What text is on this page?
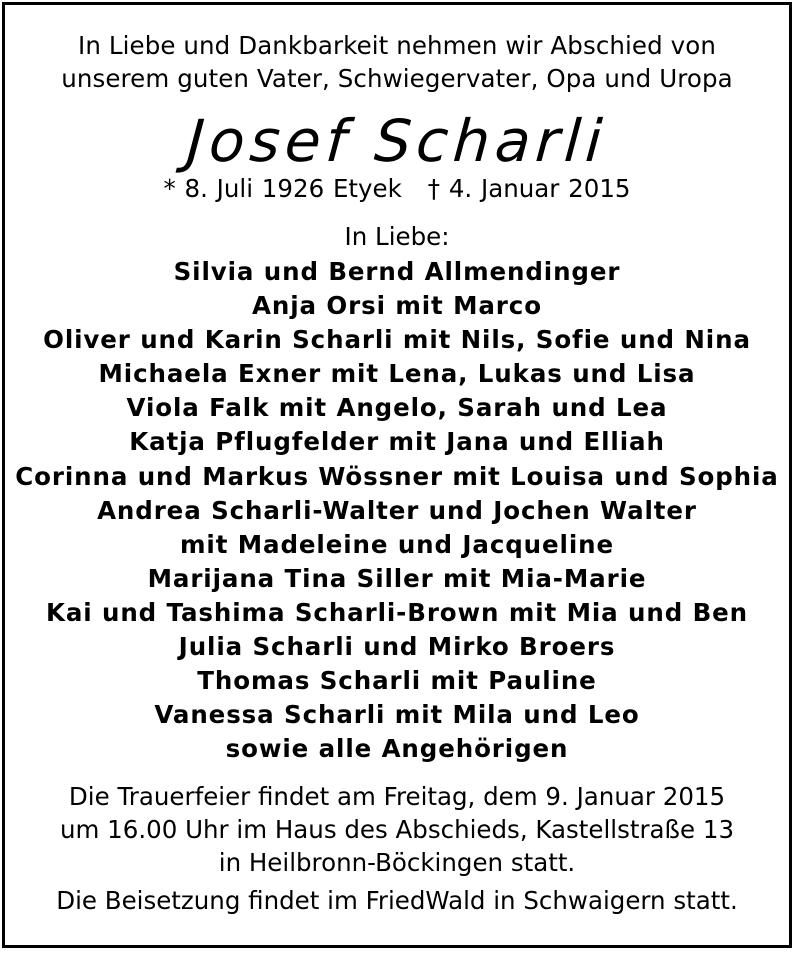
In Liebe und Dankbarkeit nehmen wir Abschied von
unserem guten Vater, Schwiegervater, Opa und Uropa
Josef Scharli
* 8. Juli 1926 Etyek † 4. Januar 2015
In Liebe:
Silvia und Bernd Allmendinger
Anja Orsi mit Marco
Oliver und Karin Scharli mit Nils, Sofie und Nina
Michaela Exner mit Lena, Lukas und Lisa
Viola Falk mit Angelo, Sarah und Lea
Katja Pflugfelder mit Jana und Elliah
Corinna und Markus Wössner mit Louisa und Sophia
Andrea Scharli-Walter und Jochen Walter
mit Madeleine und Jacqueline
Marijana Tina Siller mit Mia-Marie
Kai und Tashima Scharli-Brown mit Mia und Ben
Julia Scharli und Mirko Broers
Thomas Scharli mit Pauline
Vanessa Scharli mit Mila und Leo
sowie alle Angehörigen
Die Trauerfeier findet am Freitag, dem 9. Januar 2015
um 16.00 Uhr im Haus des Abschieds, Kastellstraße 13
in Heilbronn-Böckingen statt.
Die Beisetzung findet im FriedWald in Schwaigern statt.
